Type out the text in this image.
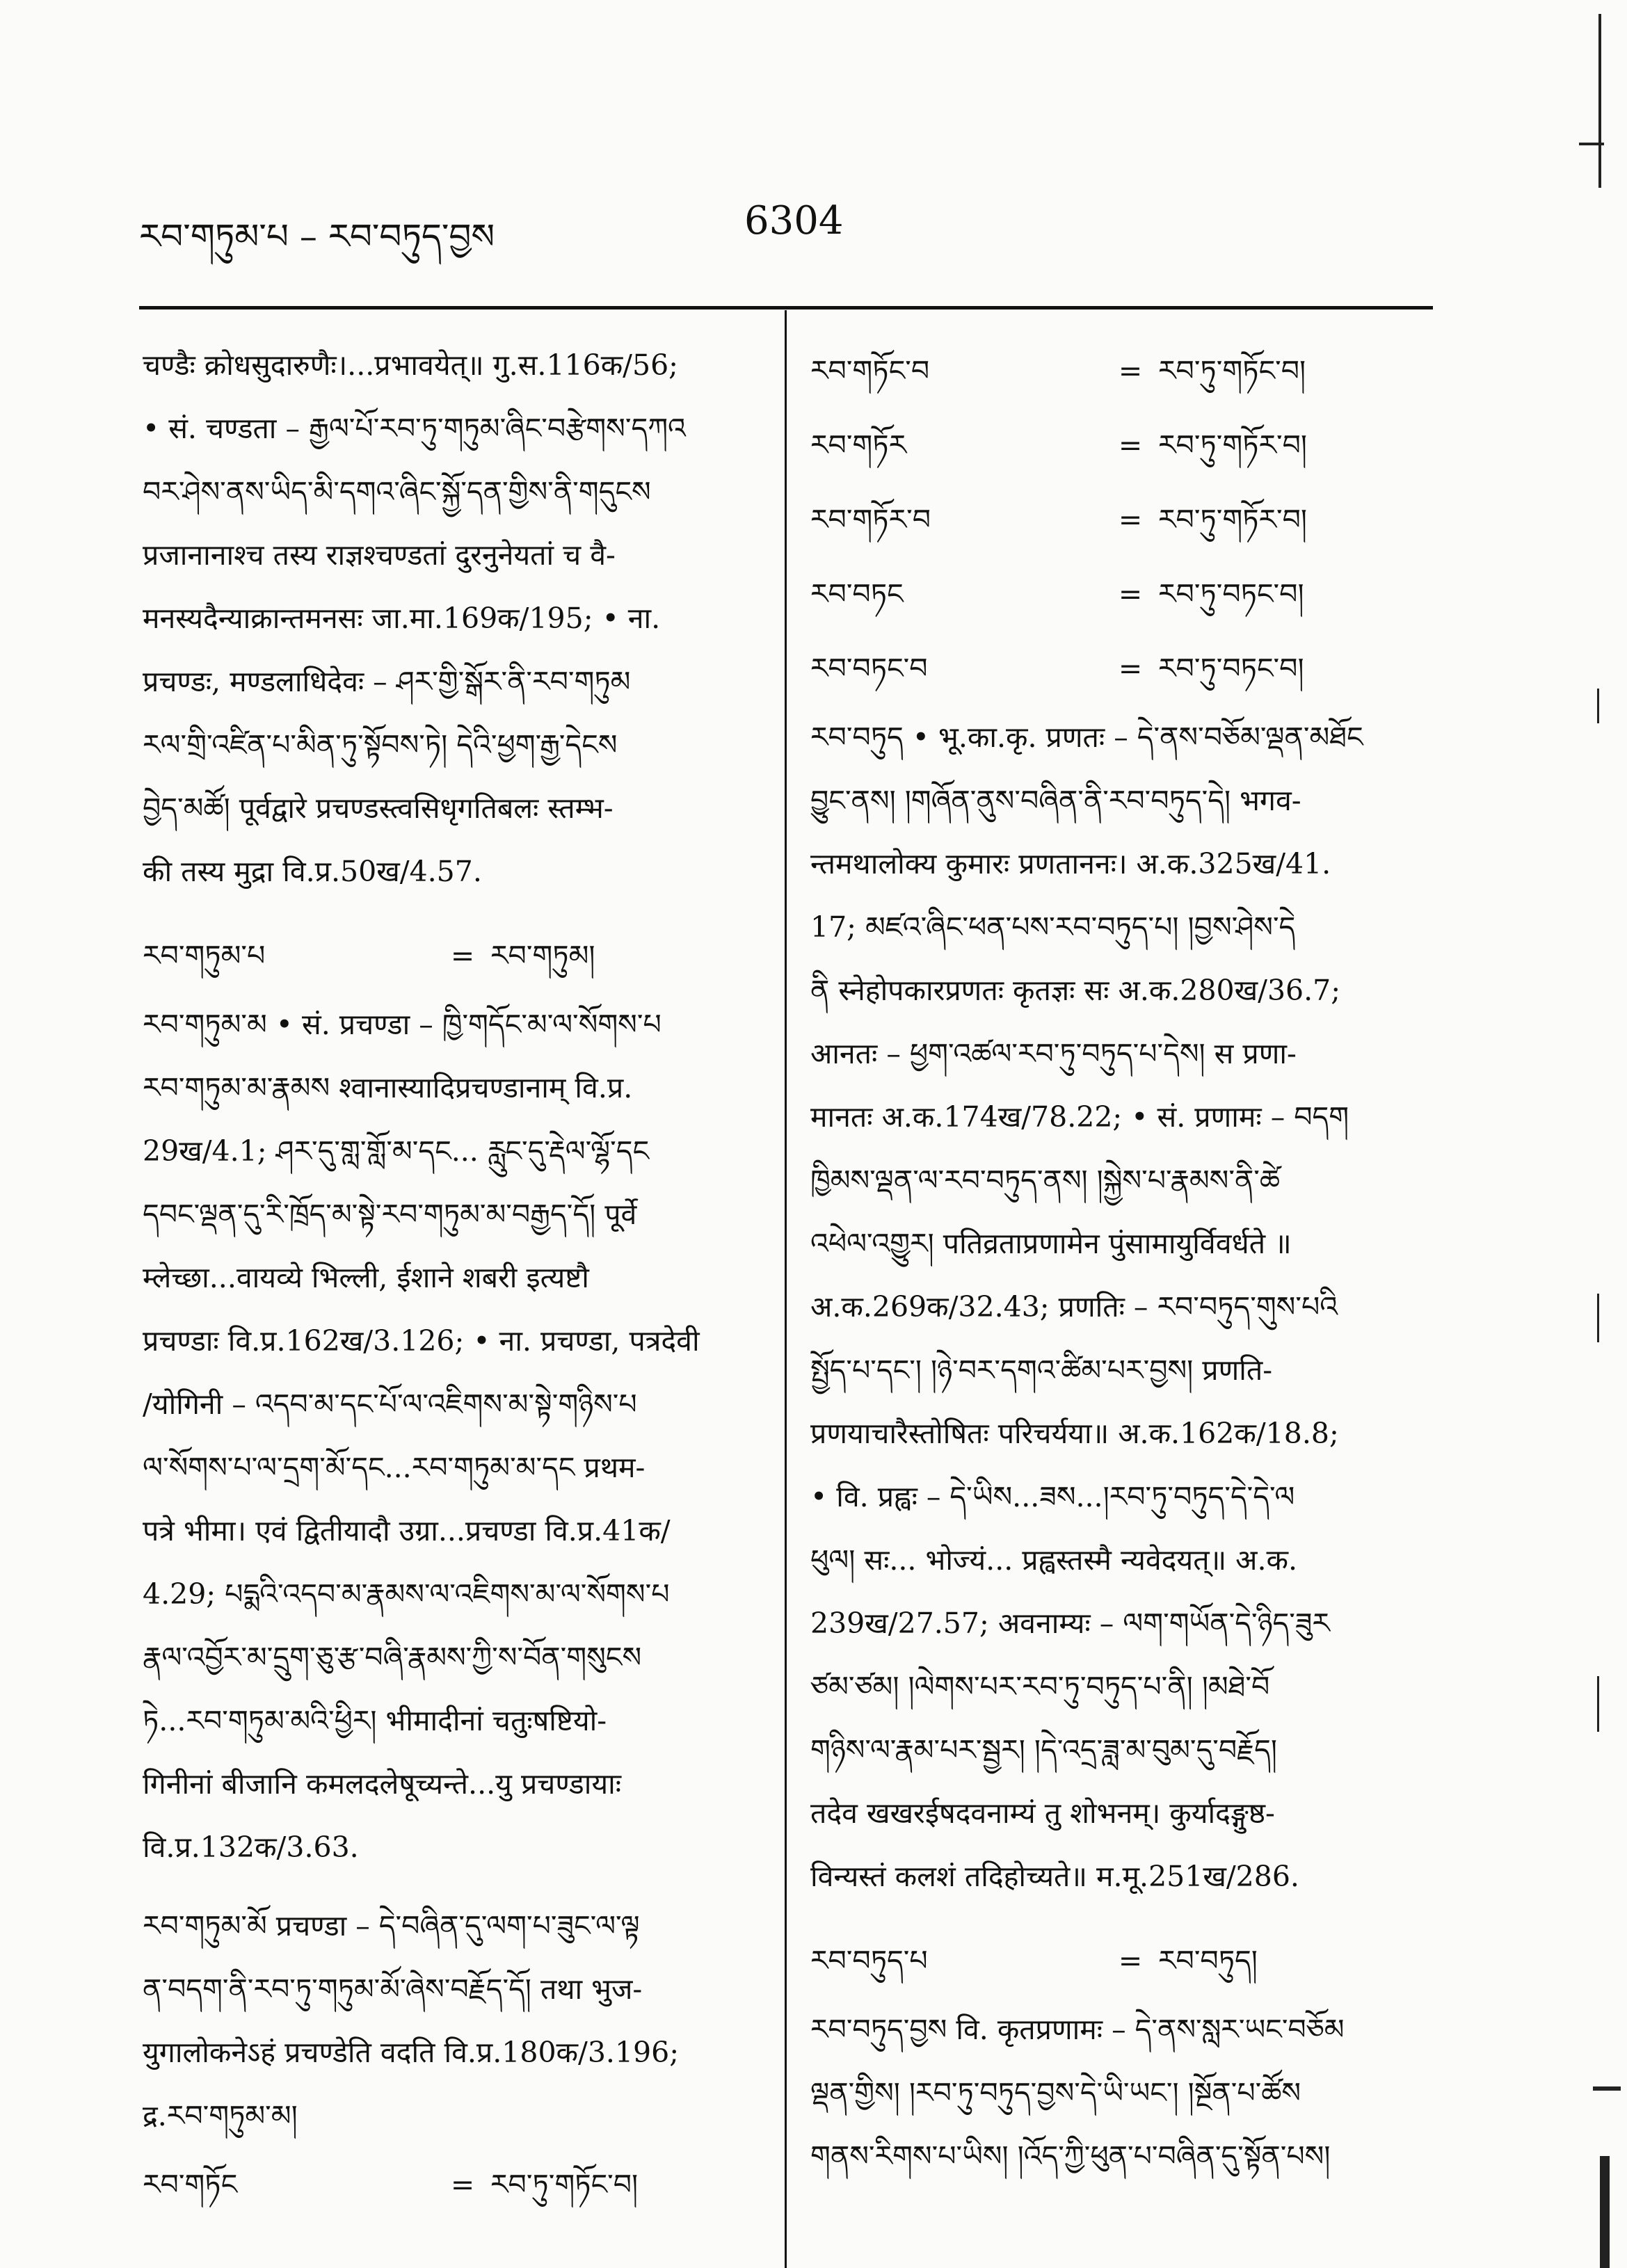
རབ་གཏུམ་པ – རབ་བཏུད་བྱས	6304
चण्डैः क्रोधसुदारुणैः।...प्रभावयेत्॥ गु.स.116क/56;
• सं. चण्डता – རྒྱལ་པོ་རབ་ཏུ་གཏུམ་ཞིང་བརྩེགས་དཀའ
བར་ཤེས་ནས་ཡིད་མི་དགའ་ཞིང་སྐྱོ་དན་གྱིས་ནི་གདུངས
प्रजानानाश्च तस्य राज्ञश्चण्डतां दुरनुनेयतां च वै-
मनस्यदैन्याक्रान्तमनसः जा.मा.169क/195; • ना.
प्रचण्डः, मण्डलाधिदेवः – ཤར་གྱི་སྒོར་ནི་རབ་གཏུམ
རལ་གྲི་འཛིན་པ་མིན་ཏུ་སྟོབས་ཏེ། དེའི་ཕྱག་རྒྱ་དེངས
བྱེད་མཚོ། पूर्वद्वारे प्रचण्डस्त्वसिधृगतिबलः स्तम्भ-
की तस्य मुद्रा वि.प्र.50ख/4.57.
རབ་གཏུམ་པ	= རབ་གཏུམ།
རབ་གཏུམ་མ • सं. प्रचण्डा – ཁྱི་གདོང་མ་ལ་སོགས་པ
རབ་གཏུམ་མ་རྣམས श्वानास्यादिप्रचण्डानाम् वि.प्र.
29ख/4.1; ཤར་དུ་གླ་གློ་མ་དང... རླུང་དུ་རྡེལ་ལྷོ་དང
དབང་ལྡན་དུ་རི་ཁྲོད་མ་སྟེ་རབ་གཏུམ་མ་བརྒྱད་དོ། पूर्वे
म्लेच्छा...वायव्ये भिल्ली, ईशाने शबरी इत्यष्टौ
प्रचण्डाः वि.प्र.162ख/3.126; • ना. प्रचण्डा, पत्रदेवी
/योगिनी – འདབ་མ་དང་པོ་ལ་འཇིགས་མ་སྟེ་གཉིས་པ
ལ་སོགས་པ་ལ་དྲག་མོ་དང...རབ་གཏུམ་མ་དང प्रथम-
पत्रे भीमा। एवं द्वितीयादौ उग्रा...प्रचण्डा वि.प्र.41क/
4.29; པདྨའི་འདབ་མ་རྣམས་ལ་འཇིགས་མ་ལ་སོགས་པ
རྣལ་འབྱོར་མ་དྲུག་ཅུ་རྩ་བཞི་རྣམས་ཀྱི་ས་བོན་གསུངས
ཏེ...རབ་གཏུམ་མའི་ཕྱིར། भीमादीनां चतुःषष्टियो-
गिनीनां बीजानि कमलदलेषूच्यन्ते...यु प्रचण्डायाः
वि.प्र.132क/3.63.
རབ་གཏུམ་མོ प्रचण्डा – དེ་བཞིན་དུ་ལག་པ་ཟུང་ལ་ལྟ
ན་བདག་ནི་རབ་ཏུ་གཏུམ་མོ་ཞེས་བརྗོད་དོ། तथा भुज-
युगालोकनेऽहं प्रचण्डेति वदति वि.प्र.180क/3.196;
द्र.རབ་གཏུམ་མ།
རབ་གཏོང	= རབ་ཏུ་གཏོང་བ།
རབ་གཏོང་བ	= རབ་ཏུ་གཏོང་བ།
རབ་གཏོར	= རབ་ཏུ་གཏོར་བ།
རབ་གཏོར་བ	= རབ་ཏུ་གཏོར་བ།
རབ་བཏང	= རབ་ཏུ་བཏང་བ།
རབ་བཏང་བ	= རབ་ཏུ་བཏང་བ།
རབ་བཏུད • भू.का.कृ. प्रणतः – དེ་ནས་བཅོམ་ལྡན་མཐོང
བྱུང་ནས། །གཞོན་ནུས་བཞིན་ནི་རབ་བཏུད་དེ། भगव-
न्तमथालोक्य कुमारः प्रणताननः। अ.क.325ख/41.
17; མཛའ་ཞིང་ཕན་པས་རབ་བཏུད་པ། །བྱས་ཤེས་དེ
ནི स्नेहोपकारप्रणतः कृतज्ञः सः अ.क.280ख/36.7;
आनतः – ཕྱག་འཚལ་རབ་ཏུ་བཏུད་པ་དེས། स प्रणा-
मानतः अ.क.174ख/78.22; • सं. प्रणामः – བདག
ཁྱིམས་ལྡན་ལ་རབ་བཏུད་ནས། །སྐྱེས་པ་རྣམས་ནི་ཚེ
འཕེལ་འགྱུར། पतिव्रताप्रणामेन पुंसामायुर्विवर्धते ॥
अ.क.269क/32.43; प्रणतिः – རབ་བཏུད་གུས་པའི
སྤྱོད་པ་དང་། །ཉེ་བར་དགའ་ཚིམ་པར་བྱས། प्रणति-
प्रणयाचारैस्तोषितः परिचर्यया॥ अ.क.162क/18.8;
• वि. प्रह्वः – དེ་ཡིས...ཟས...།རབ་ཏུ་བཏུད་དེ་དེ་ལ
ཕུལ། सः... भोज्यं... प्रह्वस्तस्मै न्यवेदयत्॥ अ.क.
239ख/27.57; अवनाम्यः – ལག་གཡོན་དེ་ཉིད་ཟུར
ཙམ་ཙམ། །ལེགས་པར་རབ་ཏུ་བཏུད་པ་ནི། །མཐེ་བོ
གཉིས་ལ་རྣམ་པར་སྦྱར། །དེ་འདྲ་ཟླ་མ་བུམ་དུ་བརྗོད།
तदेव खखरईषदवनाम्यं तु शोभनम्। कुर्यादङ्गुष्ठ-
विन्यस्तं कलशं तदिहोच्यते॥ म.मू.251ख/286.
རབ་བཏུད་པ	= རབ་བཏུད།
རབ་བཏུད་བྱས वि. कृतप्रणामः – དེ་ནས་སླར་ཡང་བཅོམ
ལྡན་གྱིས། །རབ་ཏུ་བཏུད་བྱས་དེ་ཡི་ཡང་། །སྔོན་པ་ཚོས
གནས་རིགས་པ་ཡིས། །འོད་ཀྱི་ཕུན་པ་བཞིན་དུ་སྟོན་པས།
